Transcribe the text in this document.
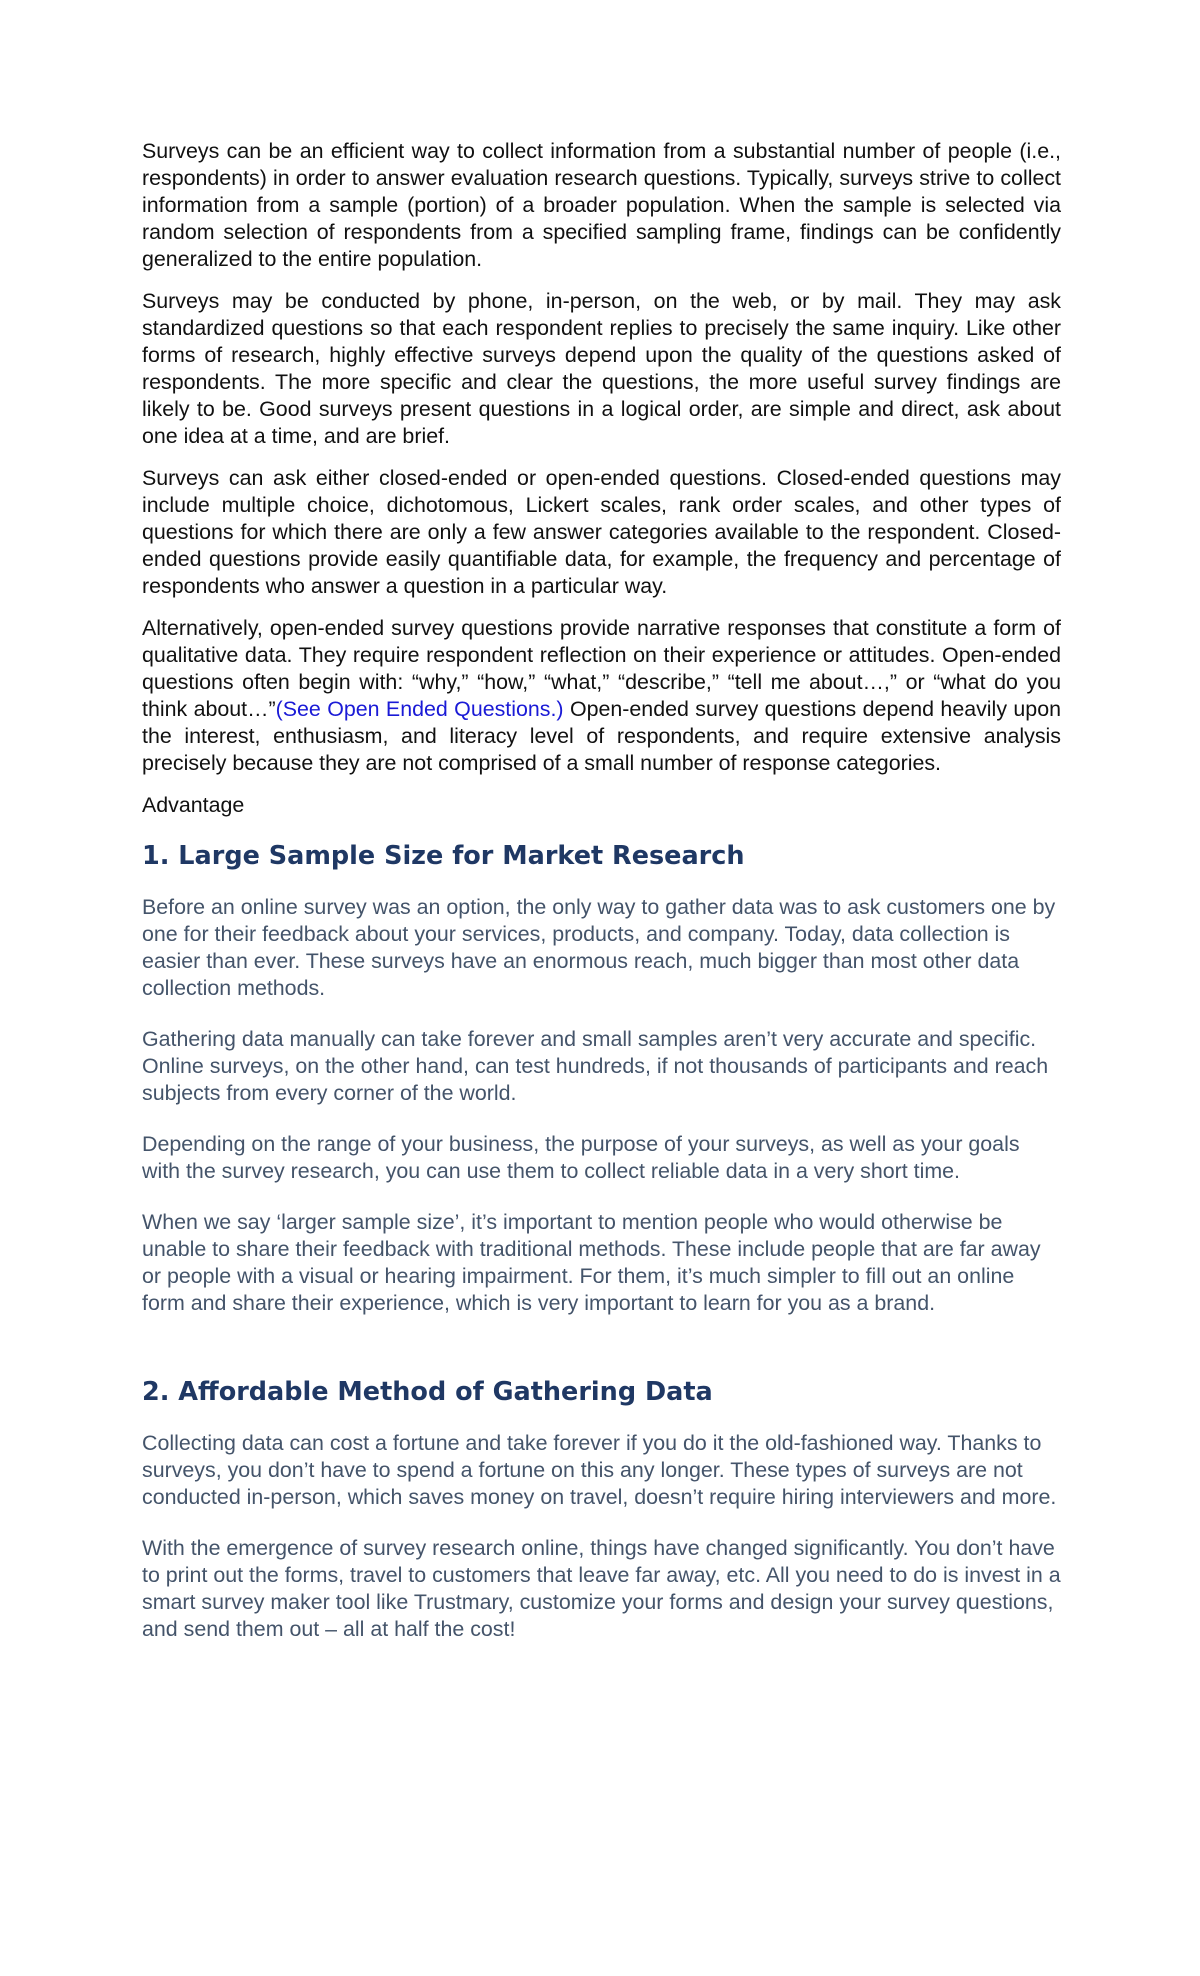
Surveys can be an efficient way to collect information from a substantial number of people (i.e., respondents) in order to answer evaluation research questions. Typically, surveys strive to collect information from a sample (portion) of a broader population. When the sample is selected via random selection of respondents from a specified sampling frame, findings can be confidently generalized to the entire population.

Surveys may be conducted by phone, in-person, on the web, or by mail. They may ask standardized questions so that each respondent replies to precisely the same inquiry. Like other forms of research, highly effective surveys depend upon the quality of the questions asked of respondents. The more specific and clear the questions, the more useful survey findings are likely to be. Good surveys present questions in a logical order, are simple and direct, ask about one idea at a time, and are brief.

Surveys can ask either closed-ended or open-ended questions. Closed-ended questions may include multiple choice, dichotomous, Lickert scales, rank order scales, and other types of questions for which there are only a few answer categories available to the respondent. Closed-ended questions provide easily quantifiable data, for example, the frequency and percentage of respondents who answer a question in a particular way.

Alternatively, open-ended survey questions provide narrative responses that constitute a form of qualitative data. They require respondent reflection on their experience or attitudes. Open-ended questions often begin with: “why,” “how,” “what,” “describe,” “tell me about…,” or “what do you think about…”(See Open Ended Questions.) Open-ended survey questions depend heavily upon the interest, enthusiasm, and literacy level of respondents, and require extensive analysis precisely because they are not comprised of a small number of response categories.

Advantage

1. Large Sample Size for Market Research

Before an online survey was an option, the only way to gather data was to ask customers one by one for their feedback about your services, products, and company. Today, data collection is easier than ever. These surveys have an enormous reach, much bigger than most other data collection methods.

Gathering data manually can take forever and small samples aren’t very accurate and specific. Online surveys, on the other hand, can test hundreds, if not thousands of participants and reach subjects from every corner of the world.

Depending on the range of your business, the purpose of your surveys, as well as your goals with the survey research, you can use them to collect reliable data in a very short time.

When we say ‘larger sample size’, it’s important to mention people who would otherwise be unable to share their feedback with traditional methods. These include people that are far away or people with a visual or hearing impairment. For them, it’s much simpler to fill out an online form and share their experience, which is very important to learn for you as a brand.

2. Affordable Method of Gathering Data

Collecting data can cost a fortune and take forever if you do it the old-fashioned way. Thanks to surveys, you don’t have to spend a fortune on this any longer. These types of surveys are not conducted in-person, which saves money on travel, doesn’t require hiring interviewers and more.

With the emergence of survey research online, things have changed significantly. You don’t have to print out the forms, travel to customers that leave far away, etc. All you need to do is invest in a smart survey maker tool like Trustmary, customize your forms and design your survey questions, and send them out – all at half the cost!
